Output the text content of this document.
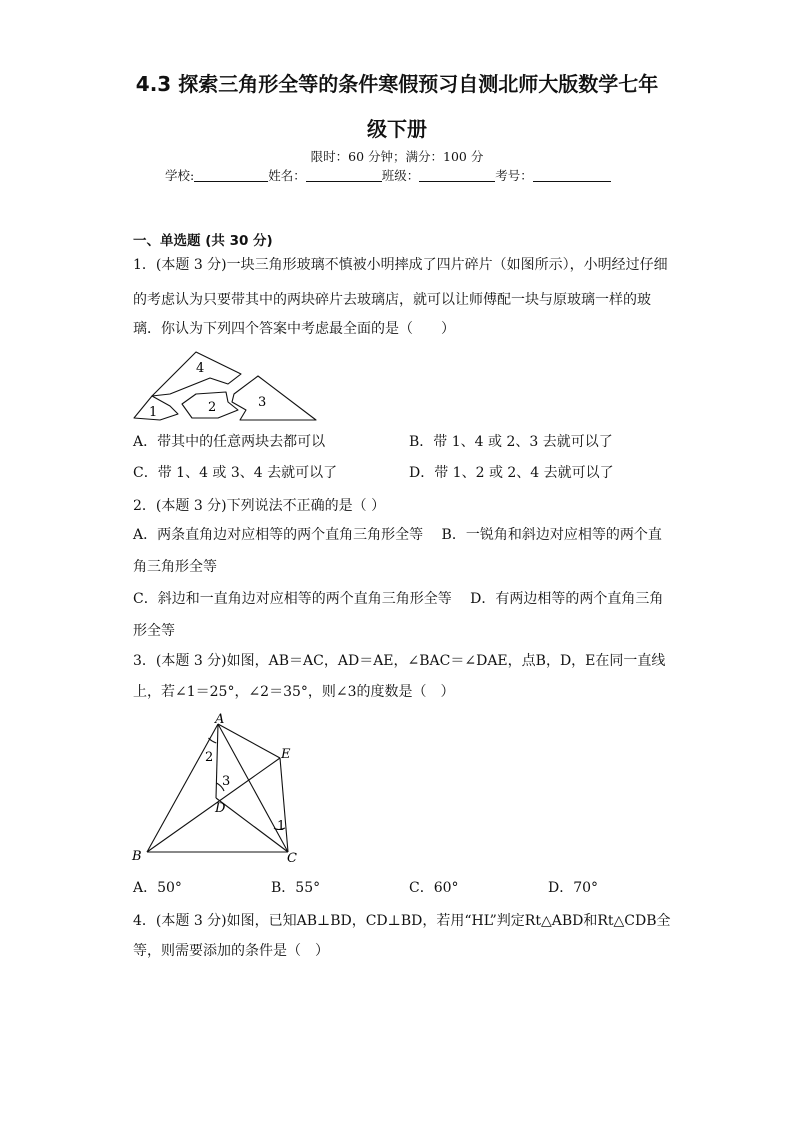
4.3 探索三角形全等的条件寒假预习自测北师大版数学七年
级下册
限时：60 分钟；满分：100 分
学校:	姓名：	班级：	考号：
一、单选题 (共 30 分)
1．(本题 3 分)一块三角形玻璃不慎被小明摔成了四片碎片（如图所示），小明经过仔细
的考虑认为只要带其中的两块碎片去玻璃店，就可以让师傅配一块与原玻璃一样的玻
璃．你认为下列四个答案中考虑最全面的是（　　）
4
1	2	3
A．带其中的任意两块去都可以	B．带 1、4 或 2、3 去就可以了
C．带 1、4 或 3、4 去就可以了	D．带 1、2 或 2、4 去就可以了
2．(本题 3 分)下列说法不正确的是（ ）
A．两条直角边对应相等的两个直角三角形全等　 B．一锐角和斜边对应相等的两个直
角三角形全等
C．斜边和一直角边对应相等的两个直角三角形全等　 D．有两边相等的两个直角三角
形全等
3．(本题 3 分)如图，AB＝AC，AD＝AE，∠BAC＝∠DAE，点B，D，E在同一直线
上，若∠1＝25°，∠2＝35°，则∠3的度数是（　）
A
E
2
3
D
1
B	C
A．50°	B．55°	C．60°	D．70°
4．(本题 3 分)如图，已知AB⊥BD，CD⊥BD，若用“HL”判定Rt△ABD和Rt△CDB全
等，则需要添加的条件是（　）
